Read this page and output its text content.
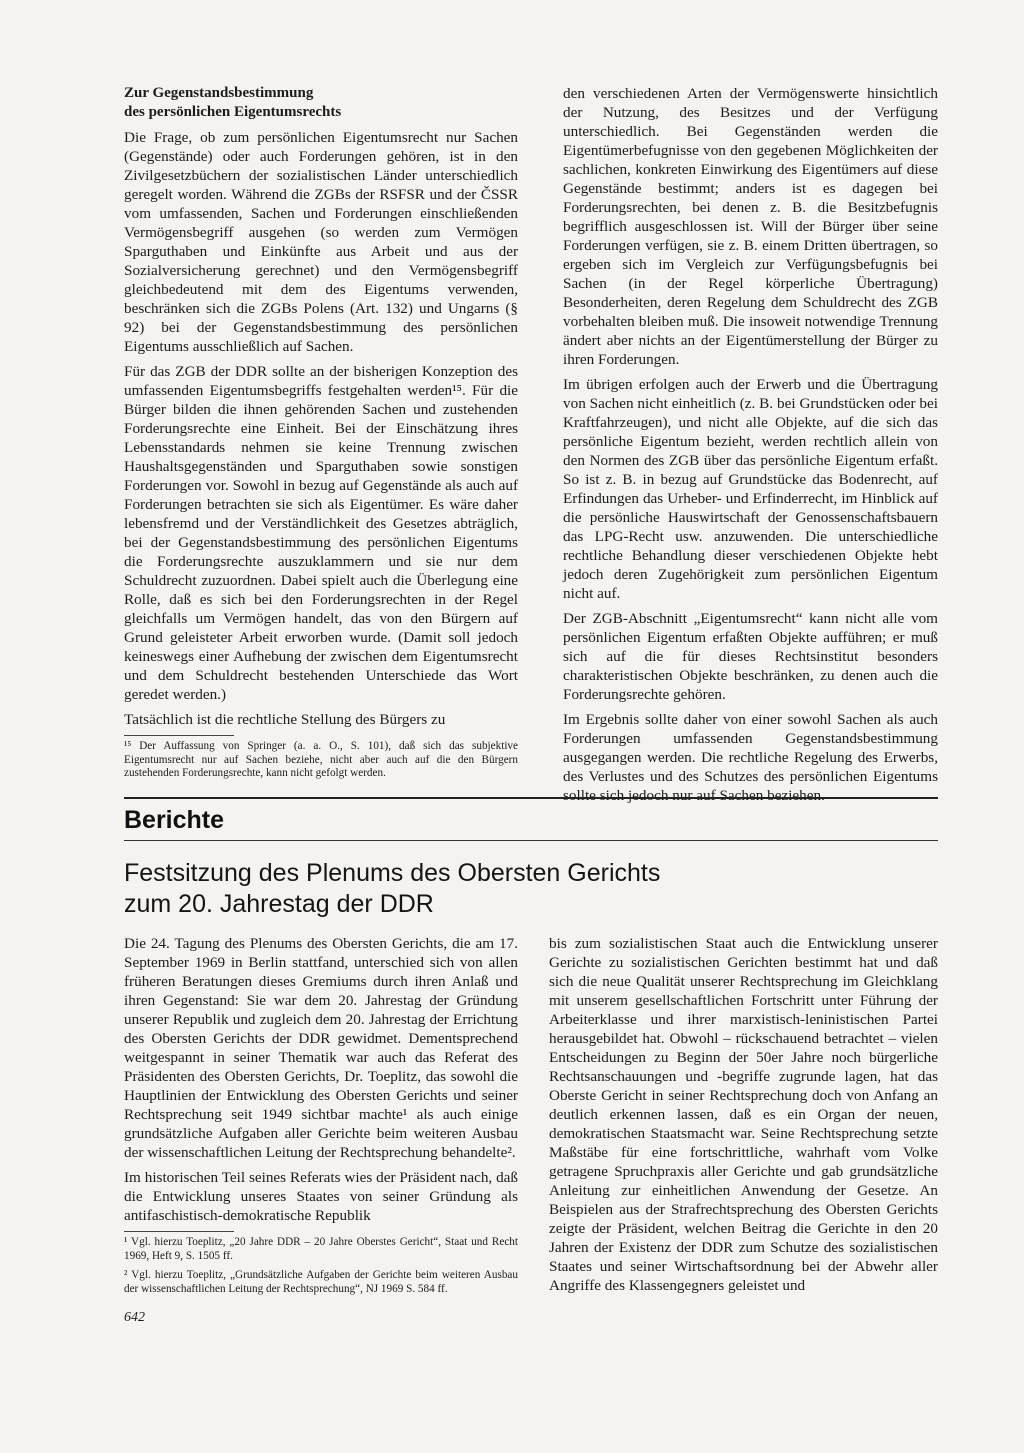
Zur Gegenstandsbestimmung
des persönlichen Eigentumsrechts

Die Frage, ob zum persönlichen Eigentumsrecht nur Sachen (Gegenstände) oder auch Forderungen gehören, ist in den Zivilgesetzbüchern der sozialistischen Länder unterschiedlich geregelt worden. Während die ZGBs der RSFSR und der ČSSR vom umfassenden, Sachen und Forderungen einschließenden Vermögensbegriff ausgehen (so werden zum Vermögen Sparguthaben und Einkünfte aus Arbeit und aus der Sozialversicherung gerechnet) und den Vermögensbegriff gleichbedeutend mit dem des Eigentums verwenden, beschränken sich die ZGBs Polens (Art. 132) und Ungarns (§ 92) bei der Gegenstandsbestimmung des persönlichen Eigentums ausschließlich auf Sachen.

Für das ZGB der DDR sollte an der bisherigen Konzeption des umfassenden Eigentumsbegriffs festgehalten werden¹⁵. Für die Bürger bilden die ihnen gehörenden Sachen und zustehenden Forderungsrechte eine Einheit. Bei der Einschätzung ihres Lebensstandards nehmen sie keine Trennung zwischen Haushaltsgegenständen und Sparguthaben sowie sonstigen Forderungen vor. Sowohl in bezug auf Gegenstände als auch auf Forderungen betrachten sie sich als Eigentümer. Es wäre daher lebensfremd und der Verständlichkeit des Gesetzes abträglich, bei der Gegenstandsbestimmung des persönlichen Eigentums die Forderungsrechte auszuklammern und sie nur dem Schuldrecht zuzuordnen. Dabei spielt auch die Überlegung eine Rolle, daß es sich bei den Forderungsrechten in der Regel gleichfalls um Vermögen handelt, das von den Bürgern auf Grund geleisteter Arbeit erworben wurde. (Damit soll jedoch keineswegs einer Aufhebung der zwischen dem Eigentumsrecht und dem Schuldrecht bestehenden Unterschiede das Wort geredet werden.)

Tatsächlich ist die rechtliche Stellung des Bürgers zu

¹⁵ Der Auffassung von Springer (a. a. O., S. 101), daß sich das subjektive Eigentumsrecht nur auf Sachen beziehe, nicht aber auch auf die den Bürgern zustehenden Forderungsrechte, kann nicht gefolgt werden.

den verschiedenen Arten der Vermögenswerte hinsichtlich der Nutzung, des Besitzes und der Verfügung unterschiedlich. Bei Gegenständen werden die Eigentümerbefugnisse von den gegebenen Möglichkeiten der sachlichen, konkreten Einwirkung des Eigentümers auf diese Gegenstände bestimmt; anders ist es dagegen bei Forderungsrechten, bei denen z. B. die Besitzbefugnis begrifflich ausgeschlossen ist. Will der Bürger über seine Forderungen verfügen, sie z. B. einem Dritten übertragen, so ergeben sich im Vergleich zur Verfügungsbefugnis bei Sachen (in der Regel körperliche Übertragung) Besonderheiten, deren Regelung dem Schuldrecht des ZGB vorbehalten bleiben muß. Die insoweit notwendige Trennung ändert aber nichts an der Eigentümerstellung der Bürger zu ihren Forderungen.

Im übrigen erfolgen auch der Erwerb und die Übertragung von Sachen nicht einheitlich (z. B. bei Grundstücken oder bei Kraftfahrzeugen), und nicht alle Objekte, auf die sich das persönliche Eigentum bezieht, werden rechtlich allein von den Normen des ZGB über das persönliche Eigentum erfaßt. So ist z. B. in bezug auf Grundstücke das Bodenrecht, auf Erfindungen das Urheber- und Erfinderrecht, im Hinblick auf die persönliche Hauswirtschaft der Genossenschaftsbauern das LPG-Recht usw. anzuwenden. Die unterschiedliche rechtliche Behandlung dieser verschiedenen Objekte hebt jedoch deren Zugehörigkeit zum persönlichen Eigentum nicht auf.

Der ZGB-Abschnitt „Eigentumsrecht“ kann nicht alle vom persönlichen Eigentum erfaßten Objekte aufführen; er muß sich auf die für dieses Rechtsinstitut besonders charakteristischen Objekte beschränken, zu denen auch die Forderungsrechte gehören.

Im Ergebnis sollte daher von einer sowohl Sachen als auch Forderungen umfassenden Gegenstandsbestimmung ausgegangen werden. Die rechtliche Regelung des Erwerbs, des Verlustes und des Schutzes des persönlichen Eigentums sollte sich jedoch nur auf Sachen beziehen.

Berichte
Festsitzung des Plenums des Obersten Gerichts
zum 20. Jahrestag der DDR

Die 24. Tagung des Plenums des Obersten Gerichts, die am 17. September 1969 in Berlin stattfand, unterschied sich von allen früheren Beratungen dieses Gremiums durch ihren Anlaß und ihren Gegenstand: Sie war dem 20. Jahrestag der Gründung unserer Republik und zugleich dem 20. Jahrestag der Errichtung des Obersten Gerichts der DDR gewidmet. Dementsprechend weitgespannt in seiner Thematik war auch das Referat des Präsidenten des Obersten Gerichts, Dr. Toeplitz, das sowohl die Hauptlinien der Entwicklung des Obersten Gerichts und seiner Rechtsprechung seit 1949 sichtbar machte¹ als auch einige grundsätzliche Aufgaben aller Gerichte beim weiteren Ausbau der wissenschaftlichen Leitung der Rechtsprechung behandelte².

Im historischen Teil seines Referats wies der Präsident nach, daß die Entwicklung unseres Staates von seiner Gründung als antifaschistisch-demokratische Republik

¹ Vgl. hierzu Toeplitz, „20 Jahre DDR – 20 Jahre Oberstes Gericht“, Staat und Recht 1969, Heft 9, S. 1505 ff.

² Vgl. hierzu Toeplitz, „Grundsätzliche Aufgaben der Gerichte beim weiteren Ausbau der wissenschaftlichen Leitung der Rechtsprechung“, NJ 1969 S. 584 ff.

bis zum sozialistischen Staat auch die Entwicklung unserer Gerichte zu sozialistischen Gerichten bestimmt hat und daß sich die neue Qualität unserer Rechtsprechung im Gleichklang mit unserem gesellschaftlichen Fortschritt unter Führung der Arbeiterklasse und ihrer marxistisch-leninistischen Partei herausgebildet hat. Obwohl – rückschauend betrachtet – vielen Entscheidungen zu Beginn der 50er Jahre noch bürgerliche Rechtsanschauungen und -begriffe zugrunde lagen, hat das Oberste Gericht in seiner Rechtsprechung doch von Anfang an deutlich erkennen lassen, daß es ein Organ der neuen, demokratischen Staatsmacht war. Seine Rechtsprechung setzte Maßstäbe für eine fortschrittliche, wahrhaft vom Volke getragene Spruchpraxis aller Gerichte und gab grundsätzliche Anleitung zur einheitlichen Anwendung der Gesetze. An Beispielen aus der Strafrechtsprechung des Obersten Gerichts zeigte der Präsident, welchen Beitrag die Gerichte in den 20 Jahren der Existenz der DDR zum Schutze des sozialistischen Staates und seiner Wirtschaftsordnung bei der Abwehr aller Angriffe des Klassengegners geleistet und

642
